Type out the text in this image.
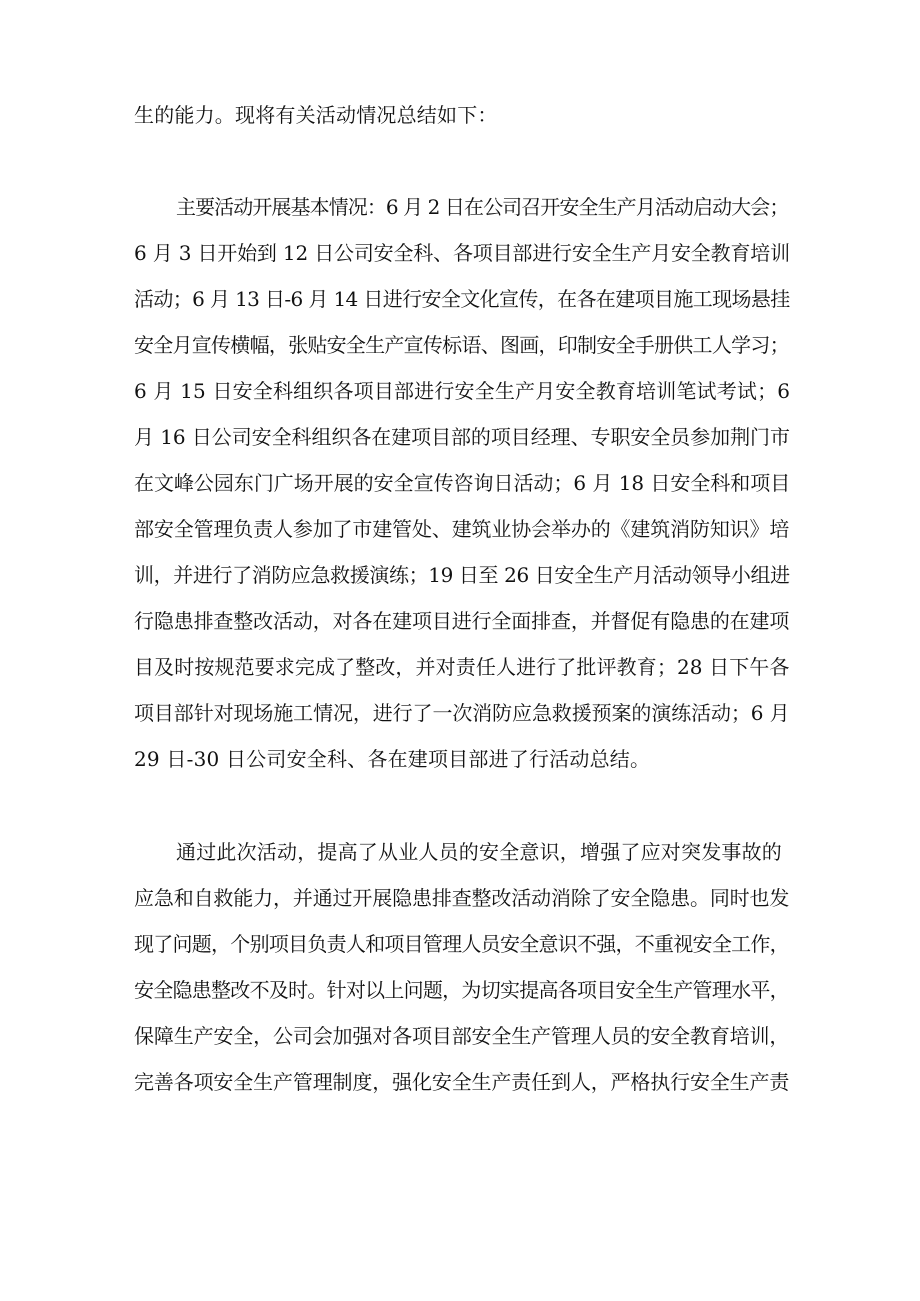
生的能力。现将有关活动情况总结如下：
主要活动开展基本情况：6 月 2 日在公司召开安全生产月活动启动大会；
6 月 3 日开始到 12 日公司安全科、各项目部进行安全生产月安全教育培训
活动；6 月 13 日-6 月 14 日进行安全文化宣传，在各在建项目施工现场悬挂
安全月宣传横幅，张贴安全生产宣传标语、图画，印制安全手册供工人学习；
6 月 15 日安全科组织各项目部进行安全生产月安全教育培训笔试考试；6
月 16 日公司安全科组织各在建项目部的项目经理、专职安全员参加荆门市
在文峰公园东门广场开展的安全宣传咨询日活动；6 月 18 日安全科和项目
部安全管理负责人参加了市建管处、建筑业协会举办的《建筑消防知识》培
训，并进行了消防应急救援演练；19 日至 26 日安全生产月活动领导小组进
行隐患排查整改活动，对各在建项目进行全面排查，并督促有隐患的在建项
目及时按规范要求完成了整改，并对责任人进行了批评教育；28 日下午各
项目部针对现场施工情况，进行了一次消防应急救援预案的演练活动；6 月
29 日-30 日公司安全科、各在建项目部进了行活动总结。
通过此次活动，提高了从业人员的安全意识，增强了应对突发事故的
应急和自救能力，并通过开展隐患排查整改活动消除了安全隐患。同时也发
现了问题，个别项目负责人和项目管理人员安全意识不强，不重视安全工作，
安全隐患整改不及时。针对以上问题，为切实提高各项目安全生产管理水平，
保障生产安全，公司会加强对各项目部安全生产管理人员的安全教育培训，
完善各项安全生产管理制度，强化安全生产责任到人，严格执行安全生产责
